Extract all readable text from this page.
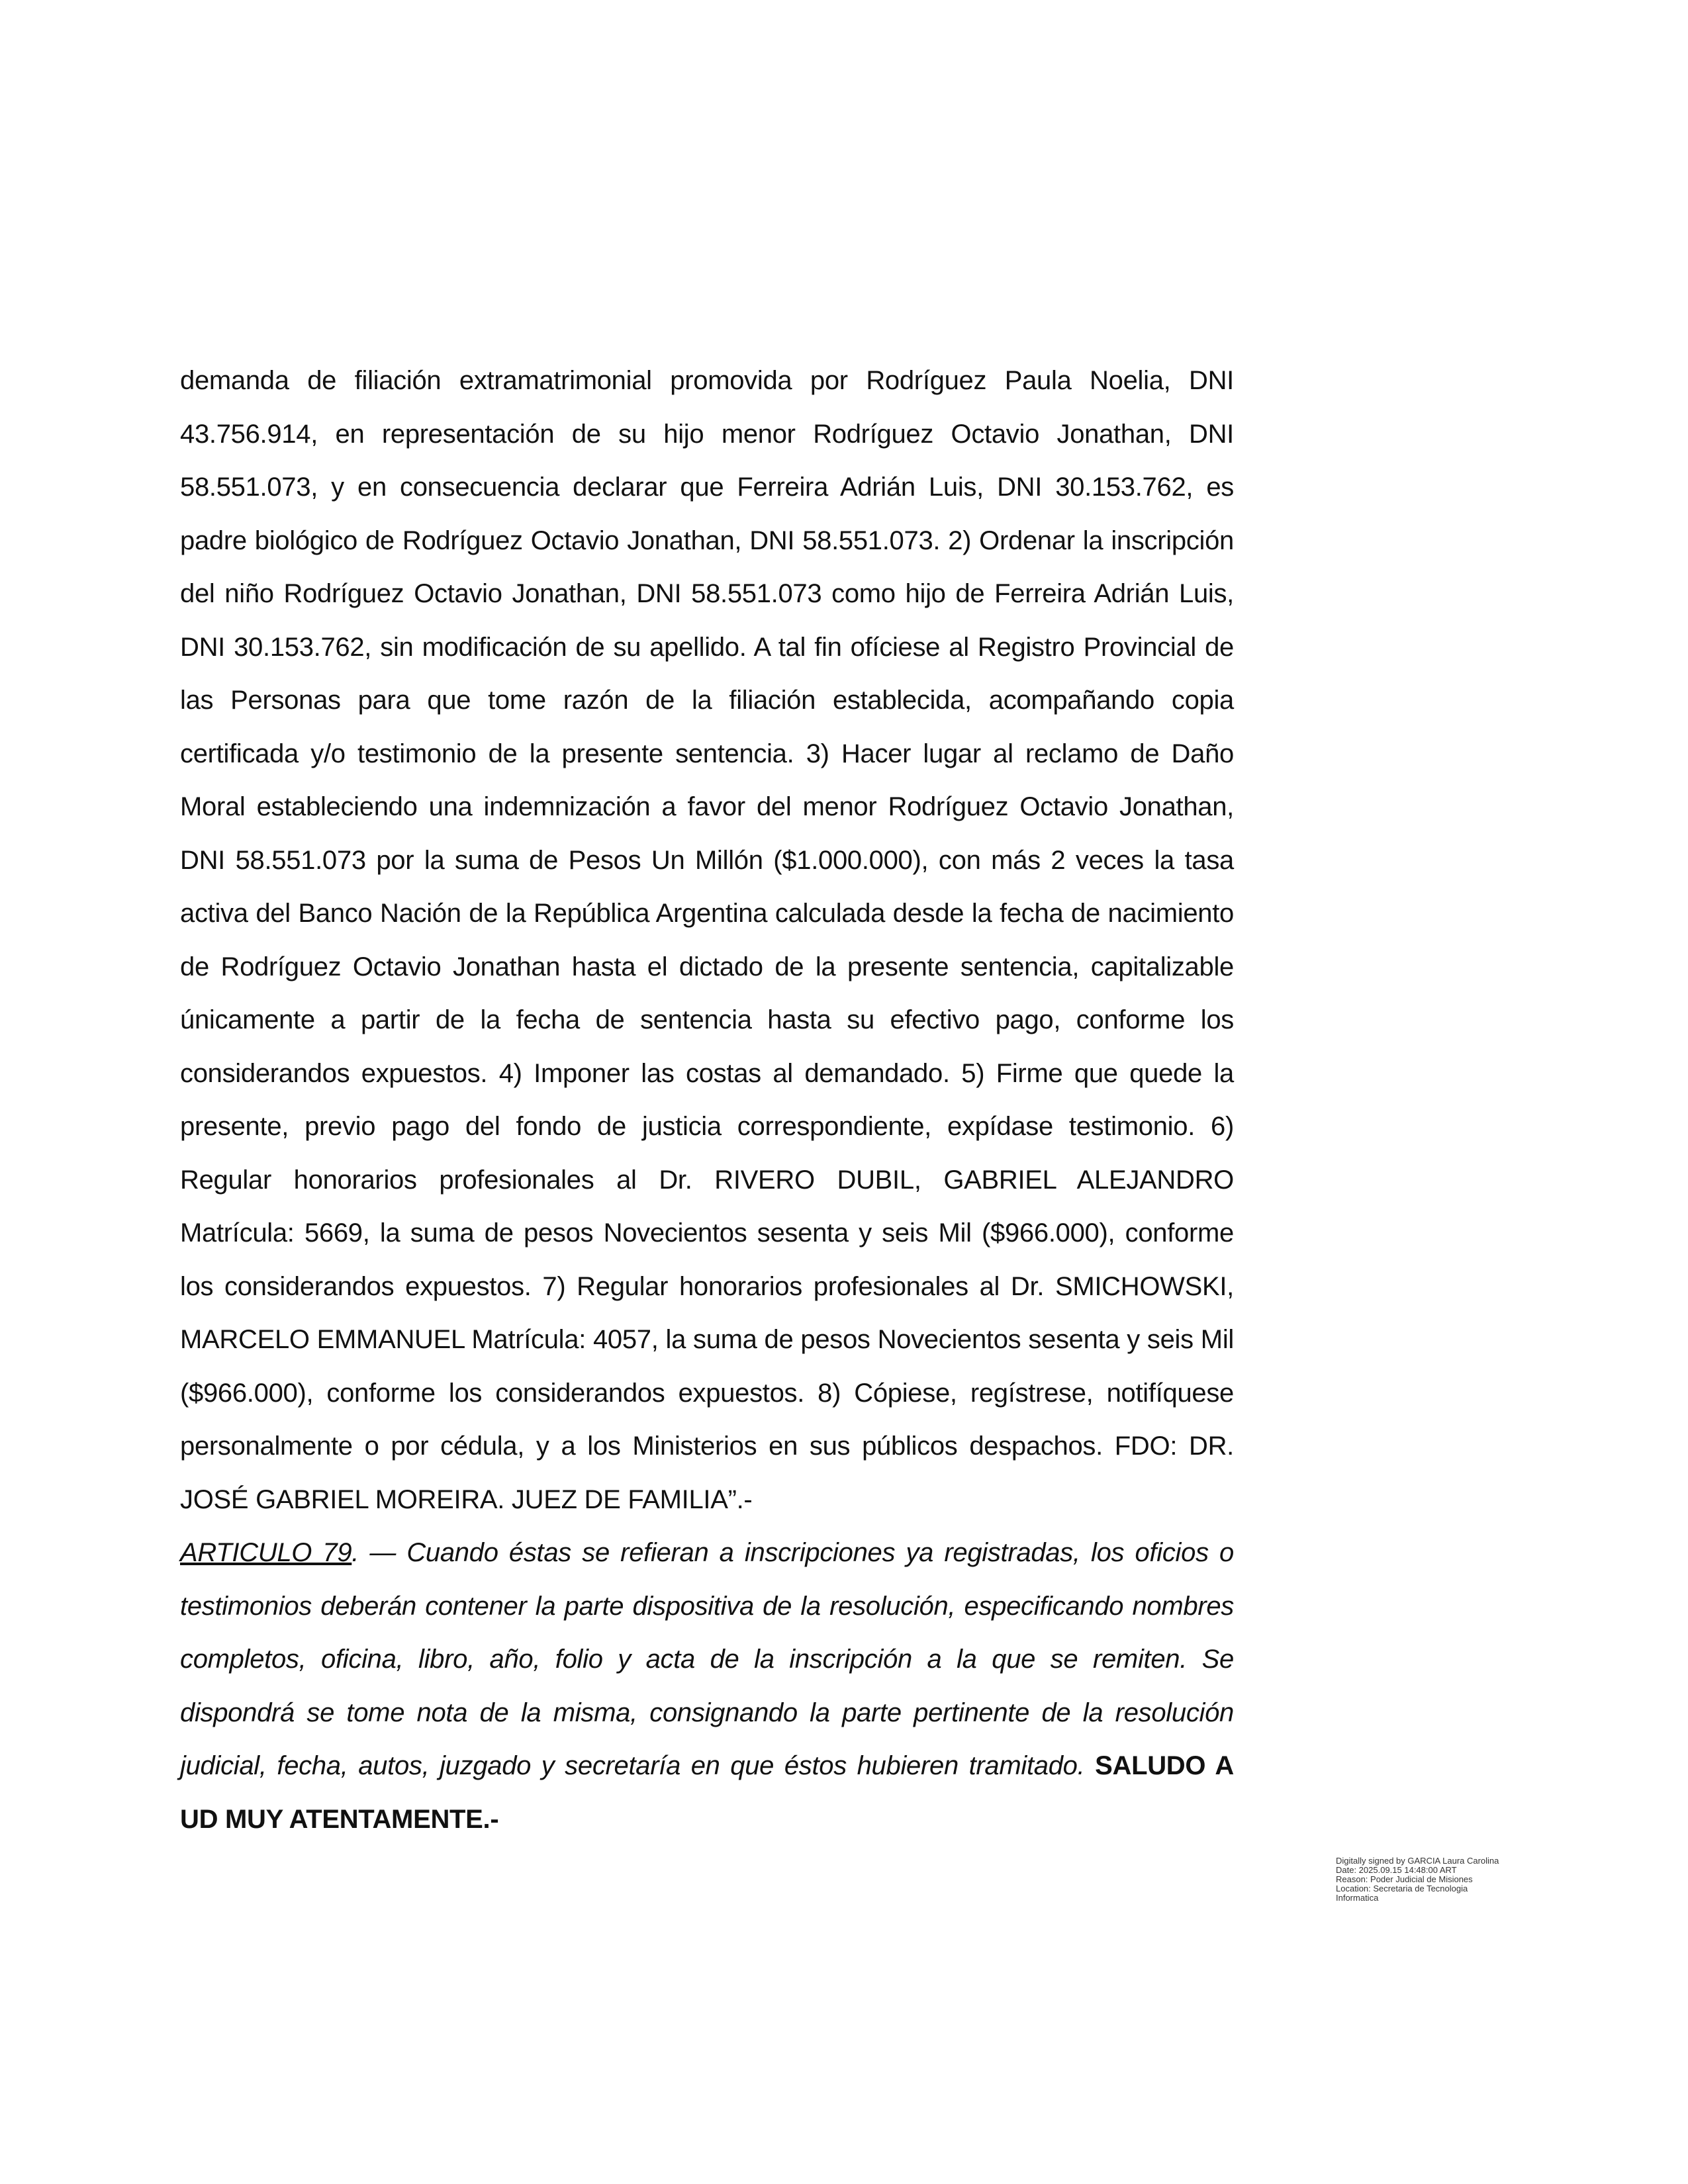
demanda de filiación extramatrimonial promovida por Rodríguez Paula Noelia, DNI 43.756.914, en representación de su hijo menor Rodríguez Octavio Jonathan, DNI 58.551.073, y en consecuencia declarar que Ferreira Adrián Luis, DNI 30.153.762, es padre biológico de Rodríguez Octavio Jonathan, DNI 58.551.073. 2) Ordenar la inscripción del niño Rodríguez Octavio Jonathan, DNI 58.551.073 como hijo de Ferreira Adrián Luis, DNI 30.153.762, sin modificación de su apellido. A tal fin ofíciese al Registro Provincial de las Personas para que tome razón de la filiación establecida, acompañando copia certificada y/o testimonio de la presente sentencia. 3) Hacer lugar al reclamo de Daño Moral estableciendo una indemnización a favor del menor Rodríguez Octavio Jonathan, DNI 58.551.073 por la suma de Pesos Un Millón ($1.000.000), con más 2 veces la tasa activa del Banco Nación de la República Argentina calculada desde la fecha de nacimiento de Rodríguez Octavio Jonathan hasta el dictado de la presente sentencia, capitalizable únicamente a partir de la fecha de sentencia hasta su efectivo pago, conforme los considerandos expuestos. 4) Imponer las costas al demandado. 5) Firme que quede la presente, previo pago del fondo de justicia correspondiente, expídase testimonio. 6) Regular honorarios profesionales al Dr. RIVERO DUBIL, GABRIEL ALEJANDRO Matrícula: 5669, la suma de pesos Novecientos sesenta y seis Mil ($966.000), conforme los considerandos expuestos. 7) Regular honorarios profesionales al Dr. SMICHOWSKI, MARCELO EMMANUEL Matrícula: 4057, la suma de pesos Novecientos sesenta y seis Mil ($966.000), conforme los considerandos expuestos. 8) Cópiese, regístrese, notifíquese personalmente o por cédula, y a los Ministerios en sus públicos despachos. FDO: DR. JOSÉ GABRIEL MOREIRA. JUEZ DE FAMILIA”.-

ARTICULO 79. — Cuando éstas se refieran a inscripciones ya registradas, los oficios o testimonios deberán contener la parte dispositiva de la resolución, especificando nombres completos, oficina, libro, año, folio y acta de la inscripción a la que se remiten. Se dispondrá se tome nota de la misma, consignando la parte pertinente de la resolución judicial, fecha, autos, juzgado y secretaría en que éstos hubieren tramitado. SALUDO A UD MUY ATENTAMENTE.-

Digitally signed by GARCIA Laura Carolina
Date: 2025.09.15 14:48:00 ART
Reason: Poder Judicial de Misiones
Location: Secretaria de Tecnologia
Informatica
